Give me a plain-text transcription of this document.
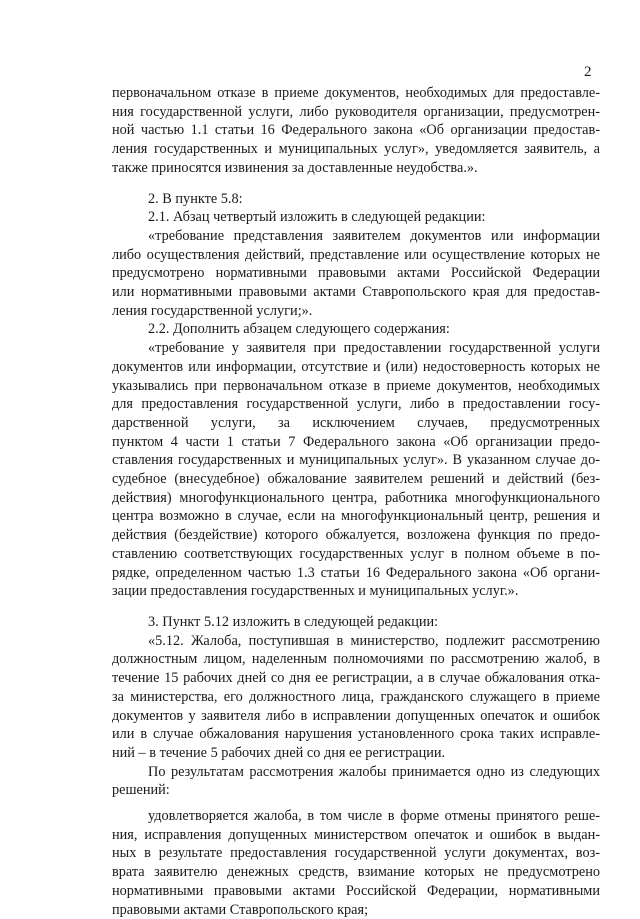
2
первоначальном отказе в приеме документов, необходимых для предоставле-
ния государственной услуги, либо руководителя организации, предусмотрен-
ной частью 1.1 статьи 16 Федерального закона «Об организации предостав-
ления государственных и муниципальных услуг», уведомляется заявитель, а
также приносятся извинения за доставленные неудобства.».
2. В пункте 5.8:
2.1. Абзац четвертый изложить в следующей редакции:
«требование представления заявителем документов или информации
либо осуществления действий, представление или осуществление которых не
предусмотрено нормативными правовыми актами Российской Федерации
или нормативными правовыми актами Ставропольского края для предостав-
ления государственной услуги;».
2.2. Дополнить абзацем следующего содержания:
«требование у заявителя при предоставлении государственной услуги
документов или информации, отсутствие и (или) недостоверность которых не
указывались при первоначальном отказе в приеме документов, необходимых
для предоставления государственной услуги, либо в предоставлении госу-
дарственной услуги, за исключением случаев, предусмотренных
пунктом 4 части 1 статьи 7 Федерального закона «Об организации предо-
ставления государственных и муниципальных услуг». В указанном случае до-
судебное (внесудебное) обжалование заявителем решений и действий (без-
действия) многофункционального центра, работника многофункционального
центра возможно в случае, если на многофункциональный центр, решения и
действия (бездействие) которого обжалуется, возложена функция по предо-
ставлению соответствующих государственных услуг в полном объеме в по-
рядке, определенном частью 1.3 статьи 16 Федерального закона «Об органи-
зации предоставления государственных и муниципальных услуг.».
3. Пункт 5.12 изложить в следующей редакции:
«5.12. Жалоба, поступившая в министерство, подлежит рассмотрению
должностным лицом, наделенным полномочиями по рассмотрению жалоб, в
течение 15 рабочих дней со дня ее регистрации, а в случае обжалования отка-
за министерства, его должностного лица, гражданского служащего в приеме
документов у заявителя либо в исправлении допущенных опечаток и ошибок
или в случае обжалования нарушения установленного срока таких исправле-
ний – в течение 5 рабочих дней со дня ее регистрации.
По результатам рассмотрения жалобы принимается одно из следующих
решений:
удовлетворяется жалоба, в том числе в форме отмены принятого реше-
ния, исправления допущенных министерством опечаток и ошибок в выдан-
ных в результате предоставления государственной услуги документах, воз-
врата заявителю денежных средств, взимание которых не предусмотрено
нормативными правовыми актами Российской Федерации, нормативными
правовыми актами Ставропольского края;
